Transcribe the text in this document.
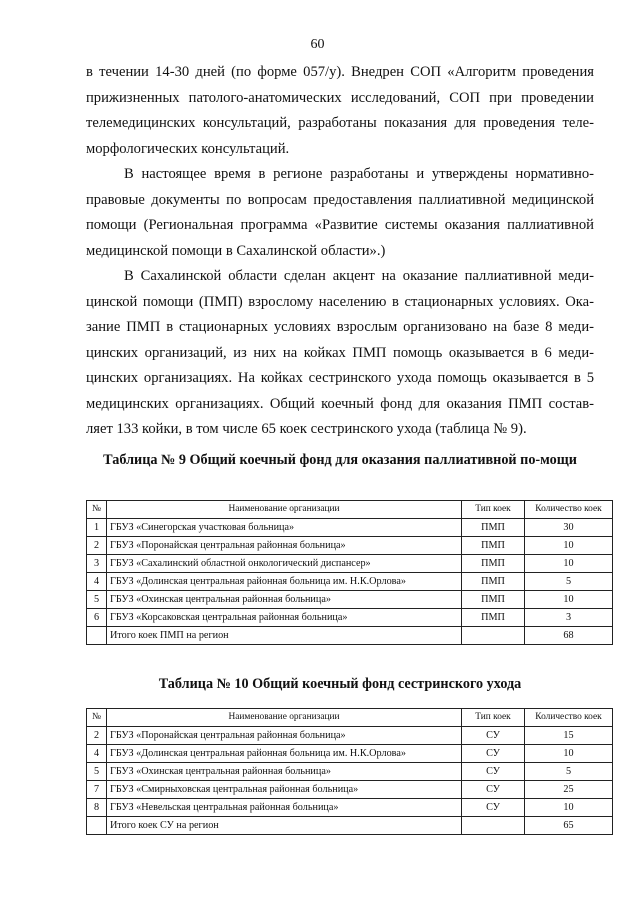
60

в течении 14-30 дней (по форме 057/у). Внедрен СОП «Алгоритм проведения прижизненных патолого-анатомических исследований, СОП при проведении телемедицинских консультаций, разработаны показания для проведения теле-морфологических консультаций.

В настоящее время в регионе разработаны и утверждены нормативно-правовые документы по вопросам предоставления паллиативной медицинской помощи (Региональная программа «Развитие системы оказания паллиативной медицинской помощи в Сахалинской области».)

В Сахалинской области сделан акцент на оказание паллиативной меди-цинской помощи (ПМП) взрослому населению в стационарных условиях. Ока-зание ПМП в стационарных условиях взрослым организовано на базе 8 меди-цинских организаций, из них на койках ПМП помощь оказывается в 6 меди-цинских организациях. На койках сестринского ухода помощь оказывается в 5 медицинских организациях. Общий коечный фонд для оказания ПМП состав-ляет 133 койки, в том числе 65 коек сестринского ухода (таблица № 9).

Таблица № 9 Общий коечный фонд для оказания паллиативной по-мощи

№	Наименование организации	Тип коек	Количество коек
1	ГБУЗ «Синегорская участковая больница»	ПМП	30
2	ГБУЗ «Поронайская центральная районная больница»	ПМП	10
3	ГБУЗ «Сахалинский областной онкологический диспансер»	ПМП	10
4	ГБУЗ «Долинская центральная районная больница им. Н.К.Орлова»	ПМП	5
5	ГБУЗ «Охинская центральная районная больница»	ПМП	10
6	ГБУЗ «Корсаковская центральная районная больница»	ПМП	3
	Итого коек ПМП на регион		68

Таблица № 10 Общий коечный фонд сестринского ухода

№	Наименование организации	Тип коек	Количество коек
2	ГБУЗ «Поронайская центральная районная больница»	СУ	15
4	ГБУЗ «Долинская центральная районная больница им. Н.К.Орлова»	СУ	10
5	ГБУЗ «Охинская центральная районная больница»	СУ	5
7	ГБУЗ «Смирныховская центральная районная больница»	СУ	25
8	ГБУЗ «Невельская центральная районная больница»	СУ	10
	Итого коек СУ на регион		65
